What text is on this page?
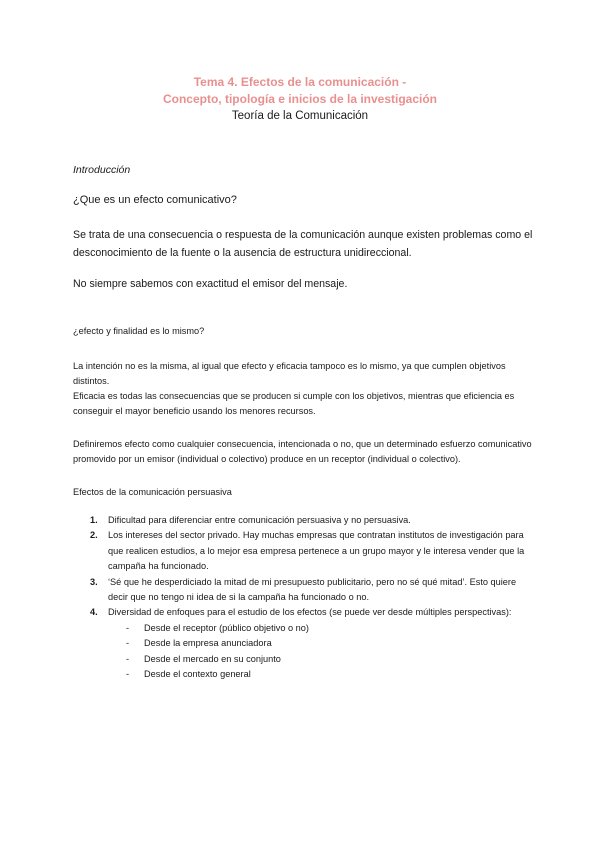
Tema 4. Efectos de la comunicación -

Concepto, tipología e inicios de la investigación

Teoría de la Comunicación

Introducción

¿Que es un efecto comunicativo?

Se trata de una consecuencia o respuesta de la comunicación aunque existen problemas como el desconocimiento de la fuente o la ausencia de estructura unidireccional.

No siempre sabemos con exactitud el emisor del mensaje.

¿efecto y finalidad es lo mismo?

La intención no es la misma, al igual que efecto y eficacia tampoco es lo mismo, ya que cumplen objetivos distintos.

Eficacia es todas las consecuencias que se producen si cumple con los objetivos, mientras que eficiencia es conseguir el mayor beneficio usando los menores recursos.

Definiremos efecto como cualquier consecuencia, intencionada o no, que un determinado esfuerzo comunicativo promovido por un emisor (individual o colectivo) produce en un receptor (individual o colectivo).

Efectos de la comunicación persuasiva

1. Dificultad para diferenciar entre comunicación persuasiva y no persuasiva.
2. Los intereses del sector privado. Hay muchas empresas que contratan institutos de investigación para que realicen estudios, a lo mejor esa empresa pertenece a un grupo mayor y le interesa vender que la campaña ha funcionado.
3. ‘Sé que he desperdiciado la mitad de mi presupuesto publicitario, pero no sé qué mitad’. Esto quiere decir que no tengo ni idea de si la campaña ha funcionado o no.
4. Diversidad de enfoques para el estudio de los efectos (se puede ver desde múltiples perspectivas):
- Desde el receptor (público objetivo o no)
- Desde la empresa anunciadora
- Desde el mercado en su conjunto
- Desde el contexto general
